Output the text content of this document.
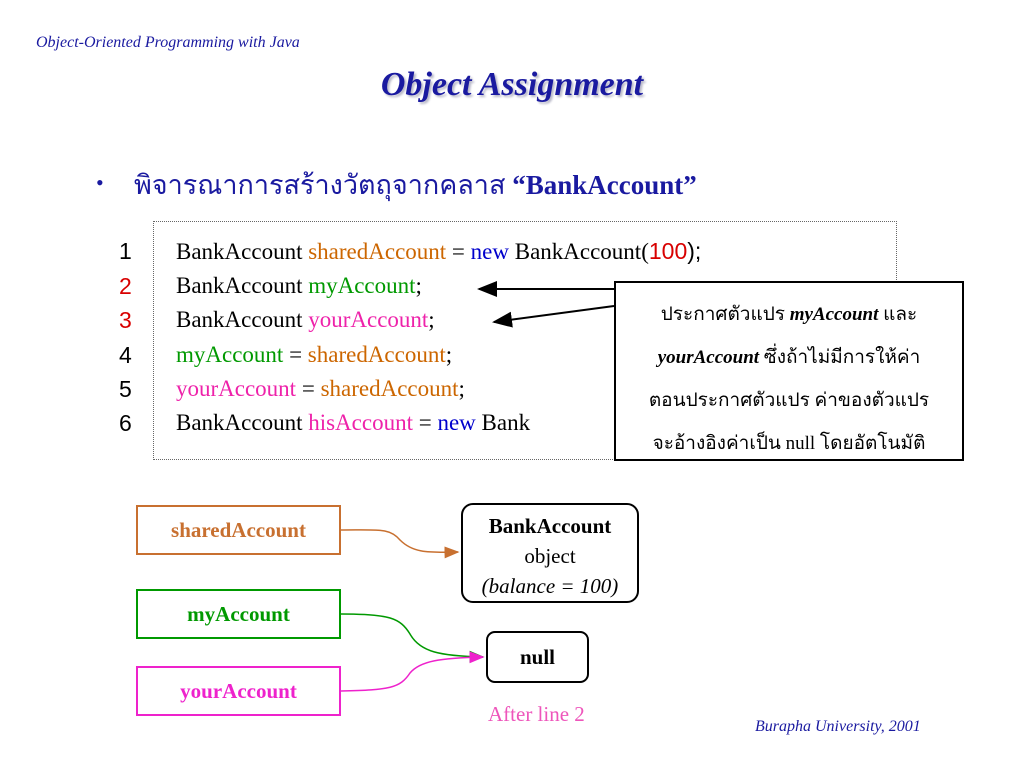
Object-Oriented Programming with Java
Object Assignment
• พิจารณาการสร้างวัตถุจากคลาส “BankAccount”
1	BankAccount sharedAccount = new BankAccount(100);
2	BankAccount myAccount;
3	BankAccount yourAccount;
4	myAccount = sharedAccount;
5	yourAccount = sharedAccount;
6	BankAccount hisAccount = new Bank
ประกาศตัวแปร myAccount และ
yourAccount ซึ่งถ้าไม่มีการให้ค่า
ตอนประกาศตัวแปร ค่าของตัวแปร
จะอ้างอิงค่าเป็น null โดยอัตโนมัติ
sharedAccount
myAccount
yourAccount
BankAccount
object
(balance = 100)
null
After line 2
Burapha University, 2001
